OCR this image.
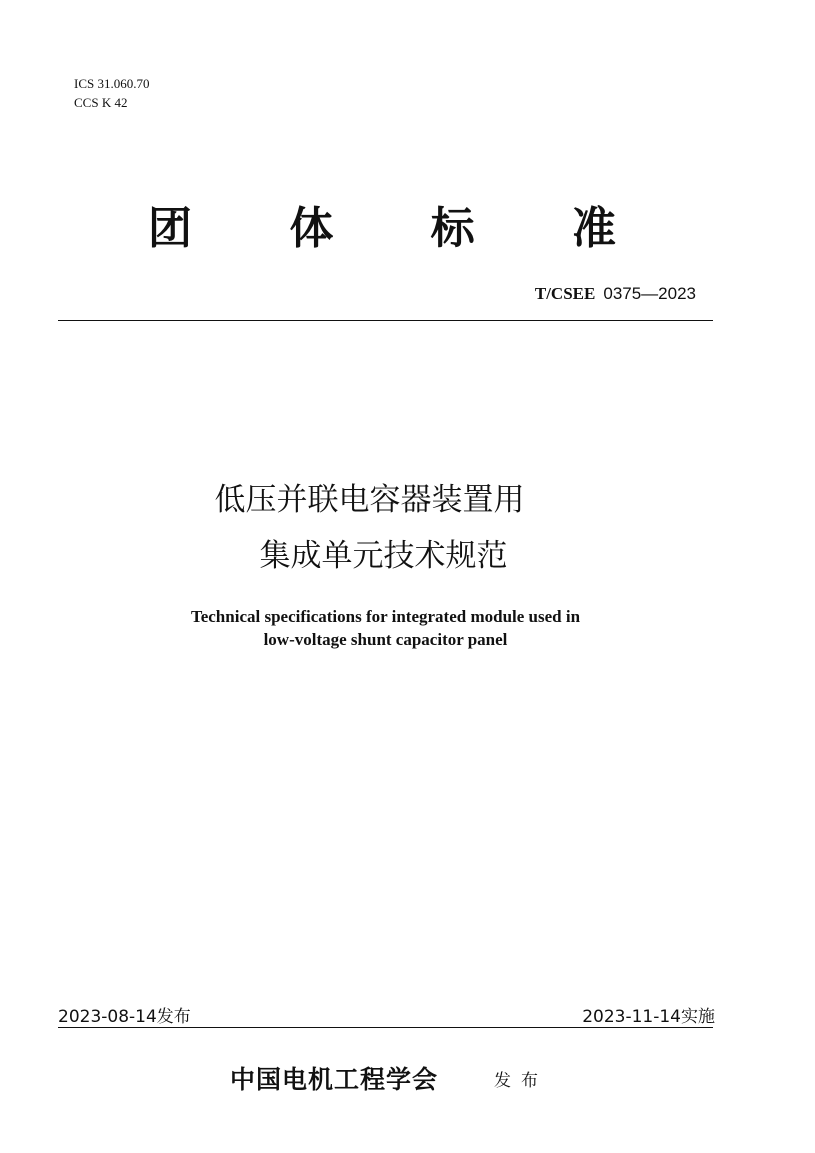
ICS 31.060.70
CCS K 42
团 体 标 准
T/CSEE 0375—2023
低压并联电容器装置用
集成单元技术规范
Technical specifications for integrated module used in
low-voltage shunt capacitor panel
2023-08-14发布	2023-11-14实施
中国电机工程学会	发布
